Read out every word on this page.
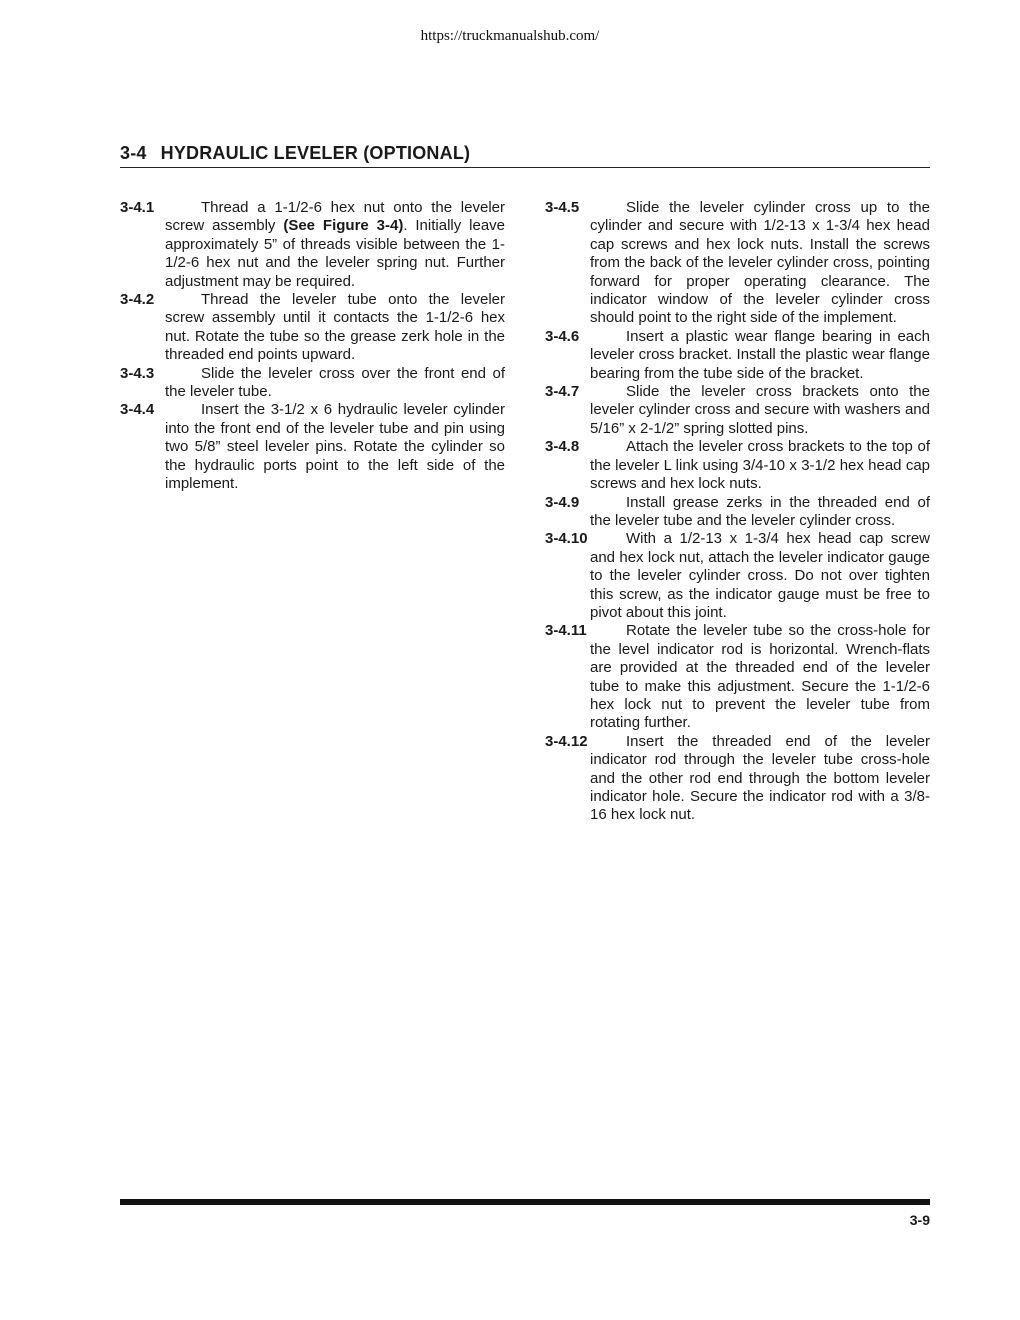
https://truckmanualshub.com/
3-4 HYDRAULIC LEVELER (OPTIONAL)
3-4.1	Thread a 1-1/2-6 hex nut onto the leveler screw assembly (See Figure 3-4). Initially leave approximately 5” of threads visible between the 1-1/2-6 hex nut and the leveler spring nut. Further adjustment may be required.
3-4.2	Thread the leveler tube onto the leveler screw assembly until it contacts the 1-1/2-6 hex nut. Rotate the tube so the grease zerk hole in the threaded end points upward.
3-4.3	Slide the leveler cross over the front end of the leveler tube.
3-4.4	Insert the 3-1/2 x 6 hydraulic leveler cylinder into the front end of the leveler tube and pin using two 5/8” steel leveler pins. Rotate the cylinder so the hydraulic ports point to the left side of the implement.
3-4.5	Slide the leveler cylinder cross up to the cylinder and secure with 1/2-13 x 1-3/4 hex head cap screws and hex lock nuts. Install the screws from the back of the leveler cylinder cross, pointing forward for proper operating clearance. The indicator window of the leveler cylinder cross should point to the right side of the implement.
3-4.6	Insert a plastic wear flange bearing in each leveler cross bracket. Install the plastic wear flange bearing from the tube side of the bracket.
3-4.7	Slide the leveler cross brackets onto the leveler cylinder cross and secure with washers and 5/16” x 2-1/2” spring slotted pins.
3-4.8	Attach the leveler cross brackets to the top of the leveler L link using 3/4-10 x 3-1/2 hex head cap screws and hex lock nuts.
3-4.9	Install grease zerks in the threaded end of the leveler tube and the leveler cylinder cross.
3-4.10	With a 1/2-13 x 1-3/4 hex head cap screw and hex lock nut, attach the leveler indicator gauge to the leveler cylinder cross. Do not over tighten this screw, as the indicator gauge must be free to pivot about this joint.
3-4.11	Rotate the leveler tube so the cross-hole for the level indicator rod is horizontal. Wrench-flats are provided at the threaded end of the leveler tube to make this adjustment. Secure the 1-1/2-6 hex lock nut to prevent the leveler tube from rotating further.
3-4.12	Insert the threaded end of the leveler indicator rod through the leveler tube cross-hole and the other rod end through the bottom leveler indicator hole. Secure the indicator rod with a 3/8-16 hex lock nut.
3-9
